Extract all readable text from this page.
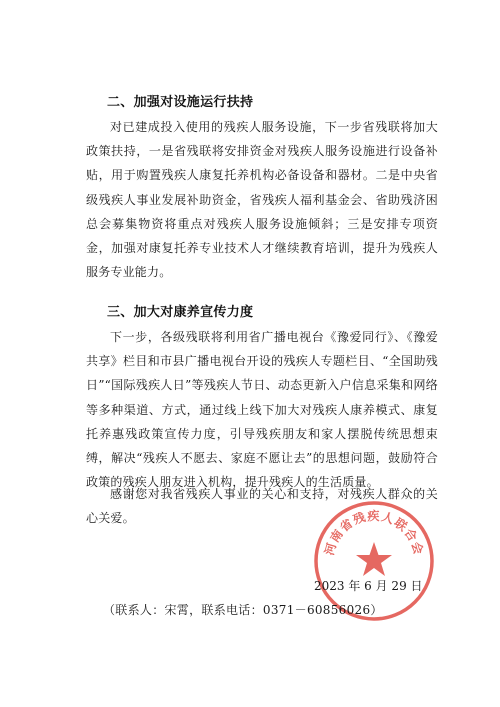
二、加强对设施运行扶持

对已建成投入使用的残疾人服务设施，下一步省残联将加大政策扶持，一是省残联将安排资金对残疾人服务设施进行设备补贴，用于购置残疾人康复托养机构必备设备和器材。二是中央省级残疾人事业发展补助资金，省残疾人福利基金会、省助残济困总会募集物资将重点对残疾人服务设施倾斜；三是安排专项资金，加强对康复托养专业技术人才继续教育培训，提升为残疾人服务专业能力。

三、加大对康养宣传力度

下一步，各级残联将利用省广播电视台《豫爱同行》、《豫爱共享》栏目和市县广播电视台开设的残疾人专题栏目、“全国助残日”“国际残疾人日”等残疾人节日、动态更新入户信息采集和网络等多种渠道、方式，通过线上线下加大对残疾人康养模式、康复托养惠残政策宣传力度，引导残疾朋友和家人摆脱传统思想束缚，解决“残疾人不愿去、家庭不愿让去”的思想问题，鼓励符合政策的残疾人朋友进入机构，提升残疾人的生活质量。

感谢您对我省残疾人事业的关心和支持，对残疾人群众的关心关爱。

河南省残疾人联合会
2023 年 6 月 29 日
（联系人：宋霄，联系电话：0371－60856026）
